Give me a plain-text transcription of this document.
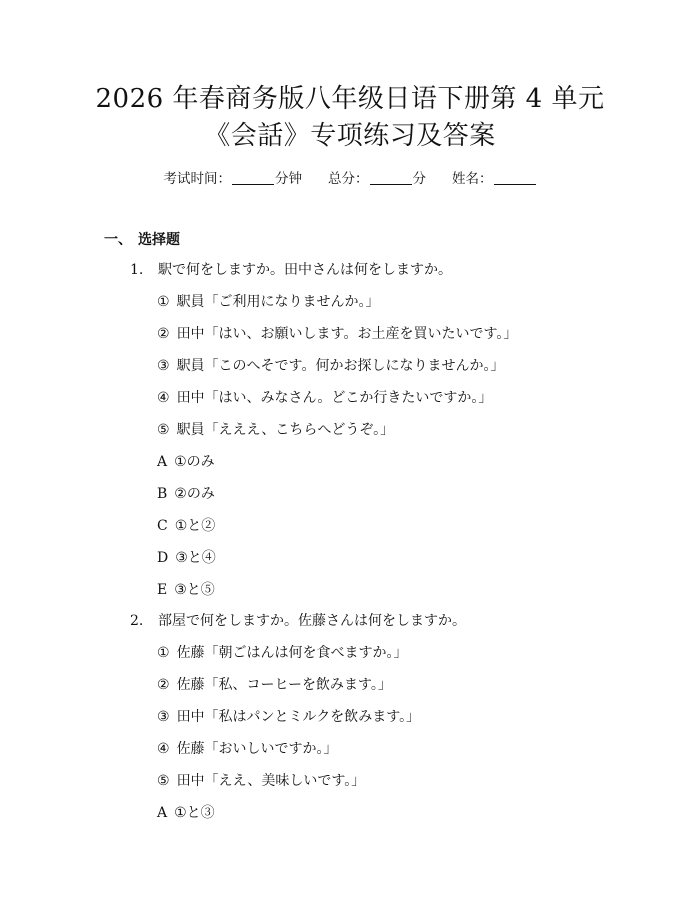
2026 年春商务版八年级日语下册第 4 单元
《会話》专项练习及答案
考试时间：	分钟 总分：	分 姓名：
一、 选择题
1. 駅で何をしますか。田中さんは何をしますか。
① 駅員「ご利用になりませんか。」
② 田中「はい、お願いします。お土産を買いたいです。」
③ 駅員「このへそです。何かお探しになりませんか。」
④ 田中「はい、みなさん。どこか行きたいですか。」
⑤ 駅員「えええ、こちらへどうぞ。」
A ①のみ
B ②のみ
C ①と②
D ③と④
E ③と⑤
2. 部屋で何をしますか。佐藤さんは何をしますか。
① 佐藤「朝ごはんは何を食べますか。」
② 佐藤「私、コーヒーを飲みます。」
③ 田中「私はパンとミルクを飲みます。」
④ 佐藤「おいしいですか。」
⑤ 田中「ええ、美味しいです。」
A ①と③
